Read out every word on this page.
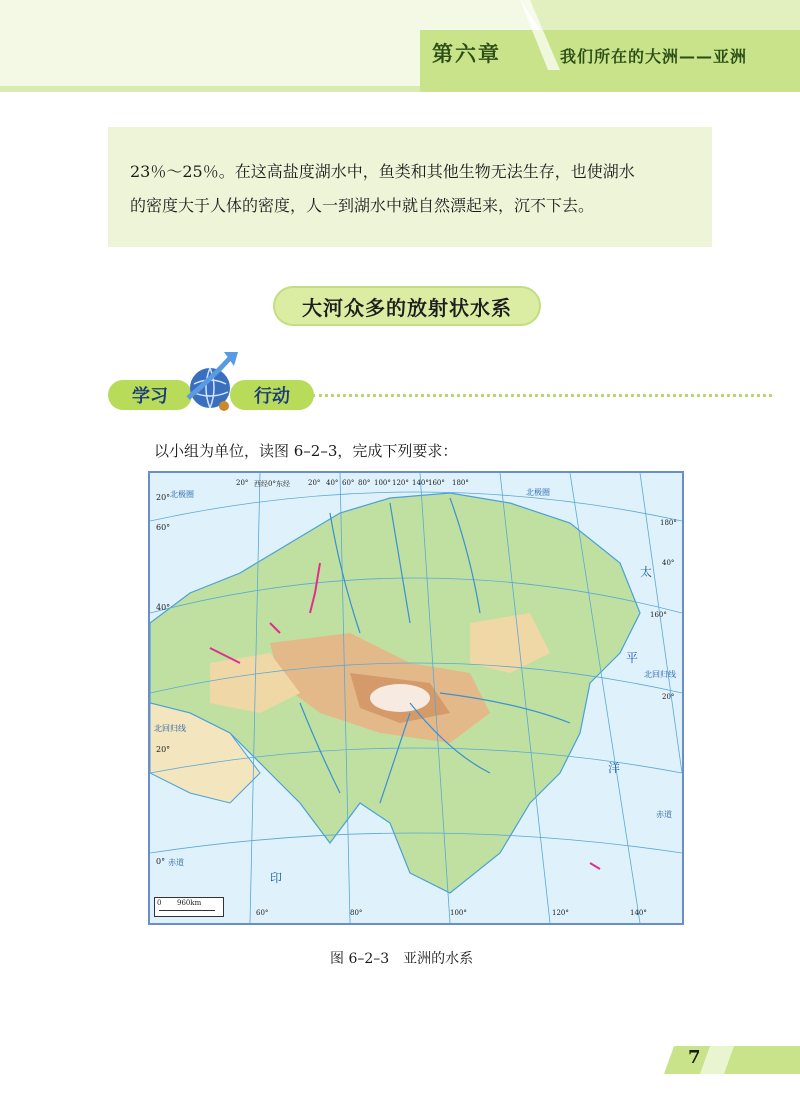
第六章	我们所在的大洲——亚洲

23％～25％。在这高盐度湖水中，鱼类和其他生物无法生存，也使湖水

的密度大于人体的密度，人一到湖水中就自然漂起来，沉不下去。

大河众多的放射状水系
学习	行动
以小组为单位，读图 6–2–3，完成下列要求：
20° 北极圈
60°
40°
北回归线
20°
0° 赤道
20° 西经0°东经	20° 40° 60° 80° 100° 120° 140° 160° 180°
北极圈
180°
40°
160°
北回归线
20°
赤道
太
平
洋
印
60°	80°	100°	120°	140°
0 960km
图 6–2–3　亚洲的水系
7
